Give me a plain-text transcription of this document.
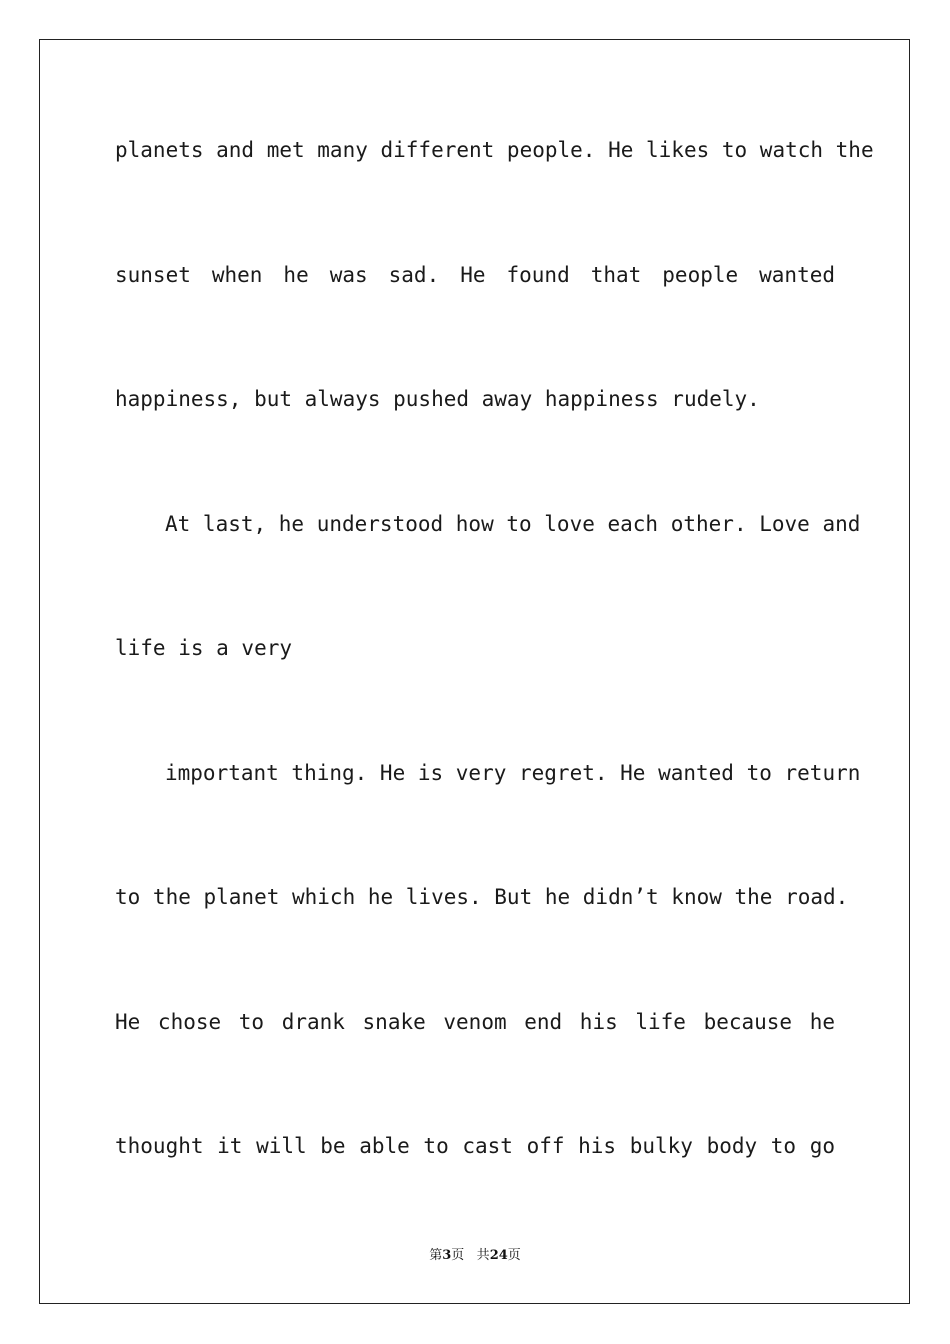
planets and met many different people. He likes to watch the
sunset when he was sad. He found that people wanted
happiness, but always pushed away happiness rudely.
At last, he understood how to love each other. Love and
life is a very
important thing. He is very regret. He wanted to return
to the planet which he lives. But he didn’t know the road.
He chose to drank snake venom end his life because he
thought it will be able to cast off his bulky body to go
第3页 共24页
